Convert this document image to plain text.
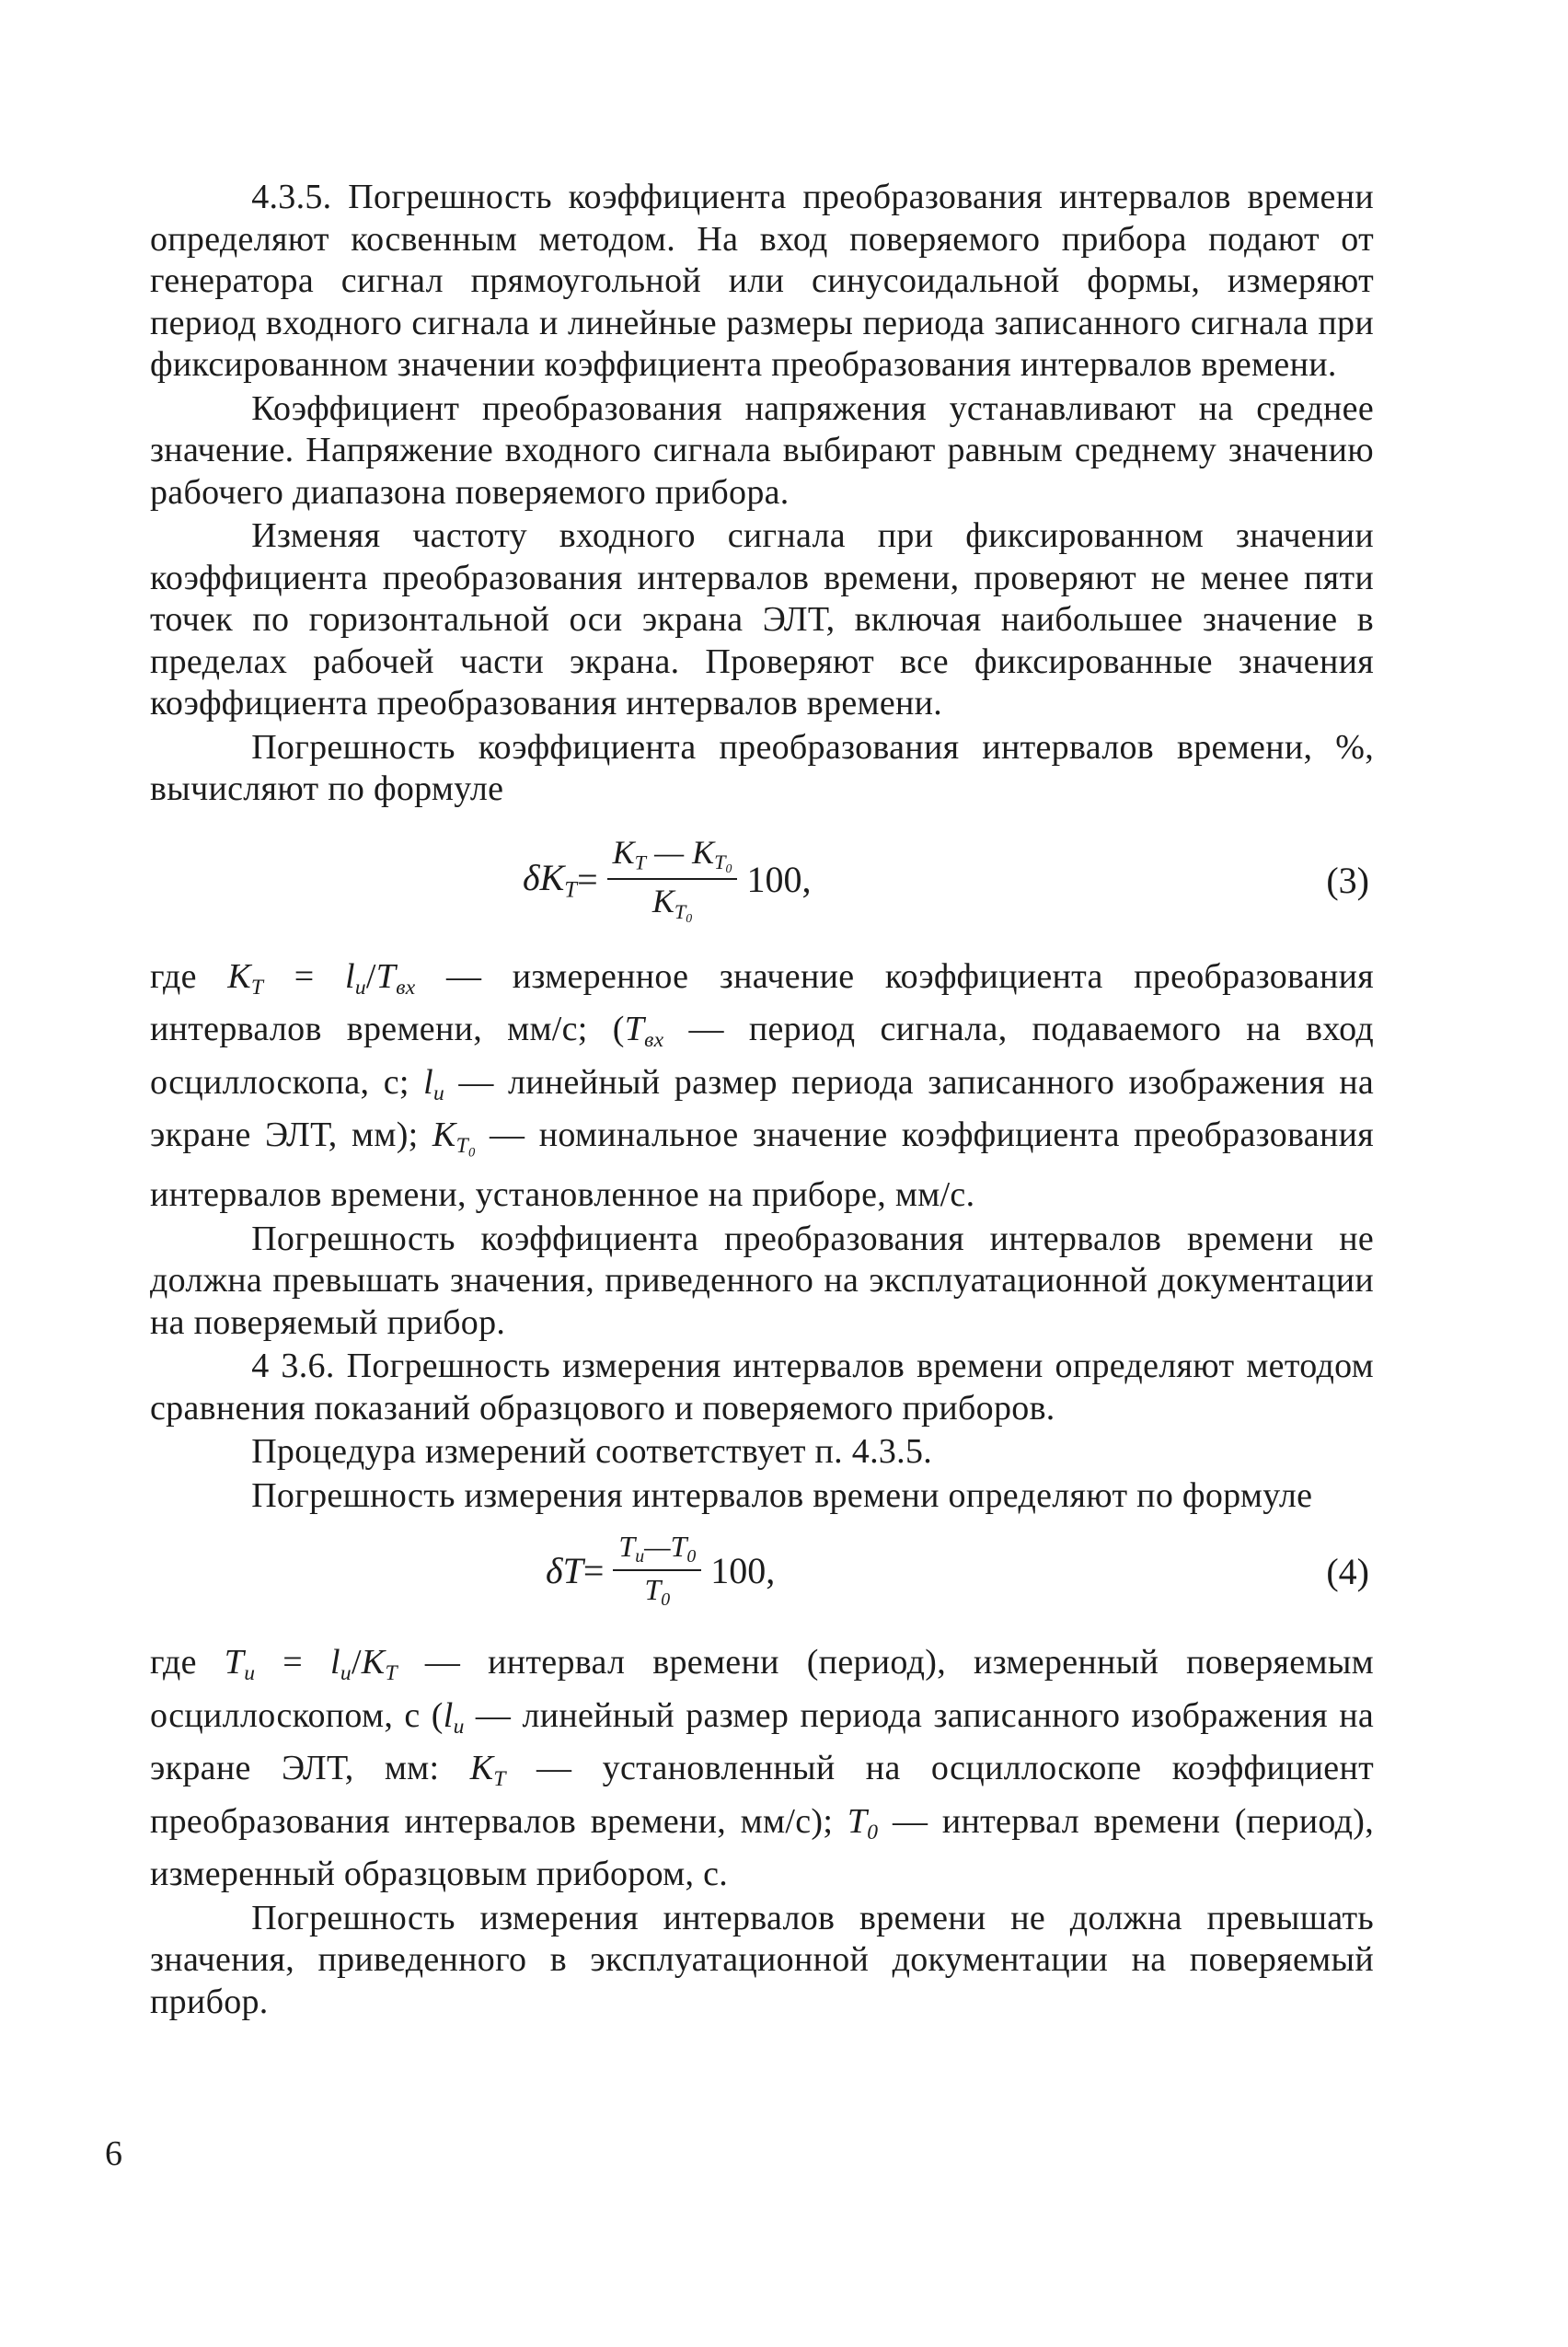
4.3.5. Погрешность коэффициента преобразования интервалов времени определяют косвенным методом. На вход поверяемого прибора подают от генератора сигнал прямоугольной или синусоидальной формы, измеряют период входного сигнала и линейные размеры периода записанного сигнала при фиксированном значении коэффициента преобразования интервалов времени.

Коэффициент преобразования напряжения устанавливают на среднее значение. Напряжение входного сигнала выбирают равным среднему значению рабочего диапазона поверяемого прибора.

Изменяя частоту входного сигнала при фиксированном значении коэффициента преобразования интервалов времени, проверяют не менее пяти точек по горизонтальной оси экрана ЭЛТ, включая наибольшее значение в пределах рабочей части экрана. Проверяют все фиксированные значения коэффициента преобразования интервалов времени.

Погрешность коэффициента преобразования интервалов времени, %, вычисляют по формуле

$\delta K_T = \frac{K_T — K_{T_0}}{K_{T_0}} 100$,	(3)

где $K_T = l_и/T_{вх}$ — измеренное значение коэффициента преобразования интервалов времени, мм/с; ($T_{вх}$ — период сигнала, подаваемого на вход осциллоскопа, с; $l_и$ — линейный размер периода записанного изображения на экране ЭЛТ, мм); $K_{T_0}$ — номинальное значение коэффициента преобразования интервалов времени, установленное на приборе, мм/с.

Погрешность коэффициента преобразования интервалов времени не должна превышать значения, приведенного на эксплуатационной документации на поверяемый прибор.

4 3.6. Погрешность измерения интервалов времени определяют методом сравнения показаний образцового и поверяемого приборов.

Процедура измерений соответствует п. 4.3.5.

Погрешность измерения интервалов времени определяют по формуле

$\delta T = \frac{T_и—T_0}{T_0} 100$,	(4)

где $T_и = l_и/K_T$ — интервал времени (период), измеренный поверяемым осциллоскопом, с ($l_и$ — линейный размер периода записанного изображения на экране ЭЛТ, мм: $K_T$ — установленный на осциллоскопе коэффициент преобразования интервалов времени, мм/с); $T_0$ — интервал времени (период), измеренный образцовым прибором, с.

Погрешность измерения интервалов времени не должна превышать значения, приведенного в эксплуатационной документации на поверяемый прибор.

6
